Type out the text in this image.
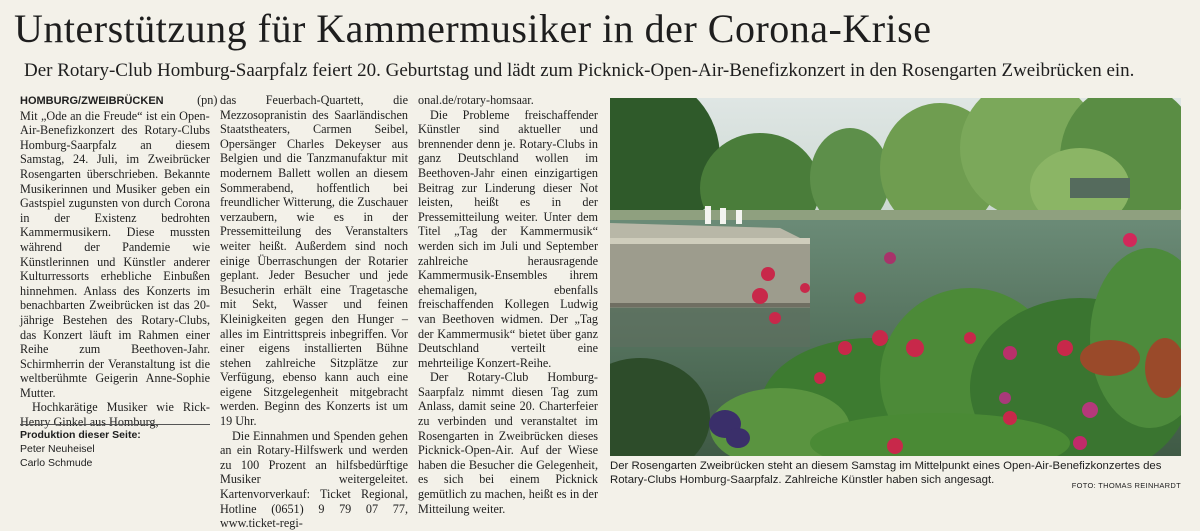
Unterstützung für Kammermusiker in der Corona-Krise
Der Rotary-Club Homburg-Saarpfalz feiert 20. Geburtstag und lädt zum Picknick-Open-Air-Benefizkonzert in den Rosengarten Zweibrücken ein.

HOMBURG/ZWEIBRÜCKEN	(pn) Mit „Ode an die Freude“ ist ein Open-Air-Benefizkonzert des Rotary-Clubs Homburg-Saarpfalz an diesem Samstag, 24. Juli, im Zweibrücker Rosengarten überschrieben. Bekannte Musikerinnen und Musiker geben ein Gastspiel zugunsten von durch Corona in der Existenz bedrohten Kammermusikern. Diese mussten während der Pandemie wie Künstlerinnen und Künstler anderer Kulturressorts erhebliche Einbußen hinnehmen. Anlass des Konzerts im benachbarten Zweibrücken ist das 20-jährige Bestehen des Rotary-Clubs, das Konzert läuft im Rahmen einer Reihe zum Beethoven-Jahr. Schirmherrin der Veranstaltung ist die weltberühmte Geigerin Anne-Sophie Mutter.

Hochkarätige Musiker wie Rick-Henry Ginkel aus Homburg,

Produktion dieser Seite:
Peter Neuheisel
Carlo Schmude

das Feuerbach-Quartett, die Mezzosopranistin des Saarländischen Staatstheaters, Carmen Seibel, Opersänger Charles Dekeyser aus Belgien und die Tanzmanufaktur mit modernem Ballett wollen an diesem Sommerabend, hoffentlich bei freundlicher Witterung, die Zuschauer verzaubern, wie es in der Pressemitteilung des Veranstalters weiter heißt. Außerdem sind noch einige Überraschungen der Rotarier geplant. Jeder Besucher und jede Besucherin erhält eine Tragetasche mit Sekt, Wasser und feinen Kleinigkeiten gegen den Hunger – alles im Eintrittspreis inbegriffen. Vor einer eigens installierten Bühne stehen zahlreiche Sitzplätze zur Verfügung, ebenso kann auch eine eigene Sitzgelegenheit mitgebracht werden. Beginn des Konzerts ist um 19 Uhr.

Die Einnahmen und Spenden gehen an ein Rotary-Hilfswerk und werden zu 100 Prozent an hilfsbedürftige Musiker weitergeleitet. Kartenvorverkauf: Ticket Regional, Hotline (0651) 9 79 07 77, www.ticket-regi-

onal.de/rotary-homsaar.

Die Probleme freischaffender Künstler sind aktueller und brennender denn je. Rotary-Clubs in ganz Deutschland wollen im Beethoven-Jahr einen einzigartigen Beitrag zur Linderung dieser Not leisten, heißt es in der Pressemitteilung weiter. Unter dem Titel „Tag der Kammermusik“ werden sich im Juli und September zahlreiche herausragende Kammermusik-Ensembles ihrem ehemaligen, ebenfalls freischaffenden Kollegen Ludwig van Beethoven widmen. Der „Tag der Kammermusik“ bietet über ganz Deutschland verteilt eine mehrteilige Konzert-Reihe.

Der Rotary-Club Homburg-Saarpfalz nimmt diesen Tag zum Anlass, damit seine 20. Charterfeier zu verbinden und veranstaltet im Rosengarten in Zweibrücken dieses Picknick-Open-Air. Auf der Wiese haben die Besucher die Gelegenheit, es sich bei einem Picknick gemütlich zu machen, heißt es in der Mitteilung weiter.

Der Rosengarten Zweibrücken steht an diesem Samstag im Mittelpunkt eines Open-Air-Benefizkonzertes des Rotary-Clubs Homburg-Saarpfalz. Zahlreiche Künstler haben sich angesagt.	FOTO: THOMAS REINHARDT
